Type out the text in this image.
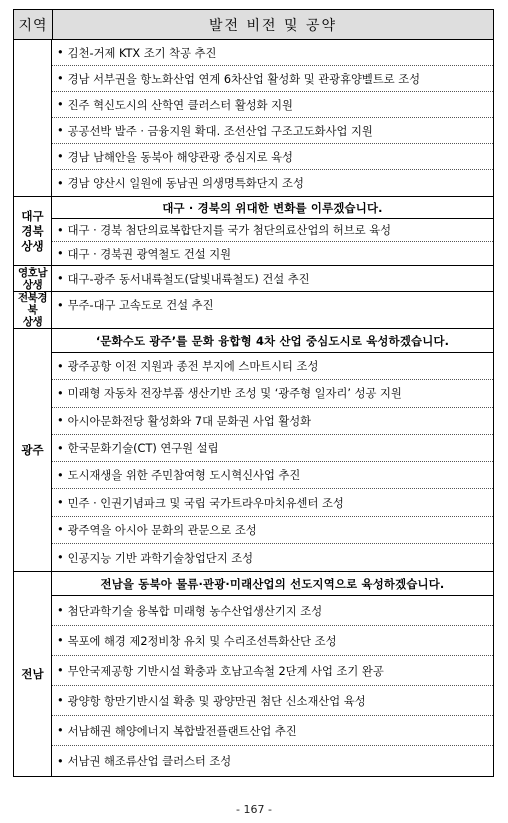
지역	발전 비전 및 공약
• 김천-거제 KTX 조기 착공 추진
• 경남 서부권을 항노화산업 연계 6차산업 활성화 및 관광휴양벨트로 조성
• 진주 혁신도시의 산학연 클러스터 활성화 지원
• 공공선박 발주 · 금융지원 확대. 조선산업 구조고도화사업 지원
• 경남 남해안을 동북아 해양관광 중심지로 육성
• 경남 양산시 일원에 동남권 의생명특화단지 조성
대구
경북
상생
대구 · 경북의 위대한 변화를 이루겠습니다.
• 대구 · 경북 첨단의료복합단지를 국가 첨단의료산업의 허브로 육성
• 대구 · 경북권 광역철도 건설 지원
영호남
상생	• 대구-광주 동서내륙철도(달빛내륙철도) 건설 추진
전북경북
상생
• 무주-대구 고속도로 건설 추진
광주
‘문화수도 광주’를 문화 융합형 4차 산업 중심도시로 육성하겠습니다.
• 광주공항 이전 지원과 종전 부지에 스마트시티 조성
• 미래형 자동차 전장부품 생산기반 조성 및 ‘광주형 일자리’ 성공 지원
• 아시아문화전당 활성화와 7대 문화권 사업 활성화
• 한국문화기술(CT) 연구원 설립
• 도시재생을 위한 주민참여형 도시혁신사업 추진
• 민주 · 인권기념파크 및 국립 국가트라우마치유센터 조성
• 광주역을 아시아 문화의 관문으로 조성
• 인공지능 기반 과학기술창업단지 조성
전남
전남을 동북아 물류·관광·미래산업의 선도지역으로 육성하겠습니다.
• 첨단과학기술 융복합 미래형 농수산업생산기지 조성
• 목포에 해경 제2정비창 유치 및 수리조선특화산단 조성
• 무안국제공항 기반시설 확충과 호남고속철 2단계 사업 조기 완공
• 광양항 항만기반시설 확충 및 광양만권 첨단 신소재산업 육성
• 서남해권 해양에너지 복합발전플랜트산업 추진
• 서남권 해조류산업 클러스터 조성
- 167 -
